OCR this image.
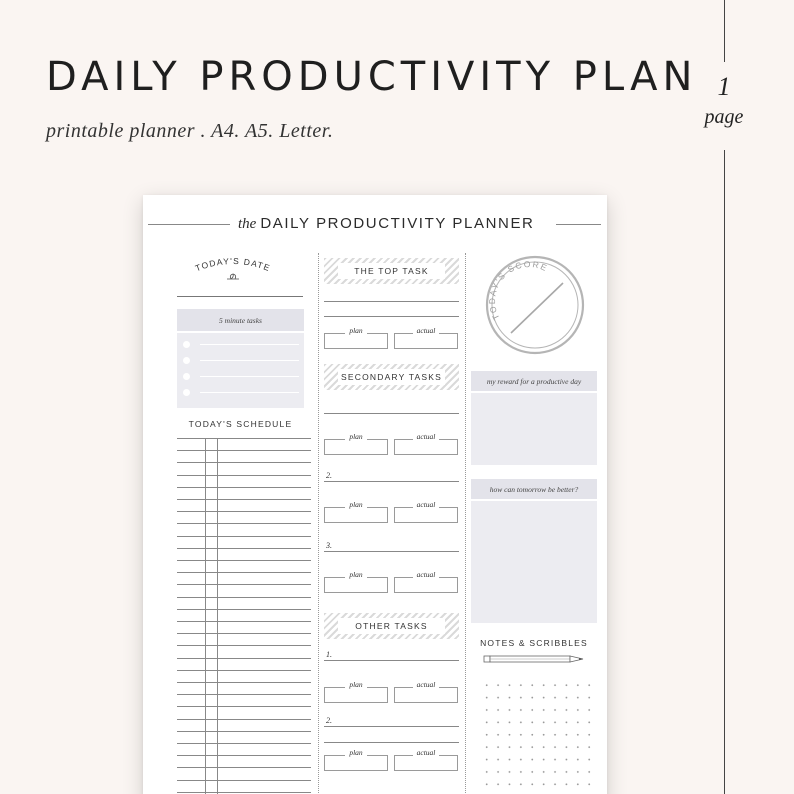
DAILY PRODUCTIVITY PLAN
printable planner . A4. A5. Letter.
1
page
the DAILY PRODUCTIVITY PLANNER
TODAY'S DATE
5 minute tasks
TODAY'S SCHEDULE
THE TOP TASK
plan	actual
SECONDARY TASKS
plan	actual
2.
plan	actual
3.
plan	actual
OTHER TASKS
1.
plan	actual
2.
plan	actual
TODAY'S SCORE
my reward for a productive day
how can tomorrow be better?
NOTES & SCRIBBLES
